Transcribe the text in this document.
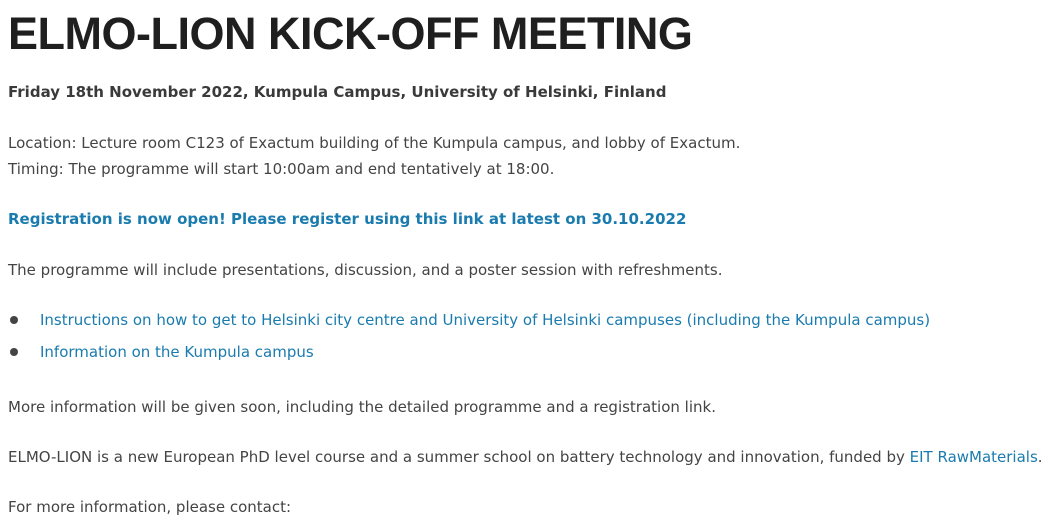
ELMO-LION KICK-OFF MEETING
Friday 18th November 2022, Kumpula Campus, University of Helsinki, Finland
Location: Lecture room C123 of Exactum building of the Kumpula campus, and lobby of Exactum.
Timing: The programme will start 10:00am and end tentatively at 18:00.
Registration is now open! Please register using this link at latest on 30.10.2022
The programme will include presentations, discussion, and a poster session with refreshments.
Instructions on how to get to Helsinki city centre and University of Helsinki campuses (including the Kumpula campus)
Information on the Kumpula campus
More information will be given soon, including the detailed programme and a registration link.
ELMO-LION is a new European PhD level course and a summer school on battery technology and innovation, funded by EIT RawMaterials.
For more information, please contact:
